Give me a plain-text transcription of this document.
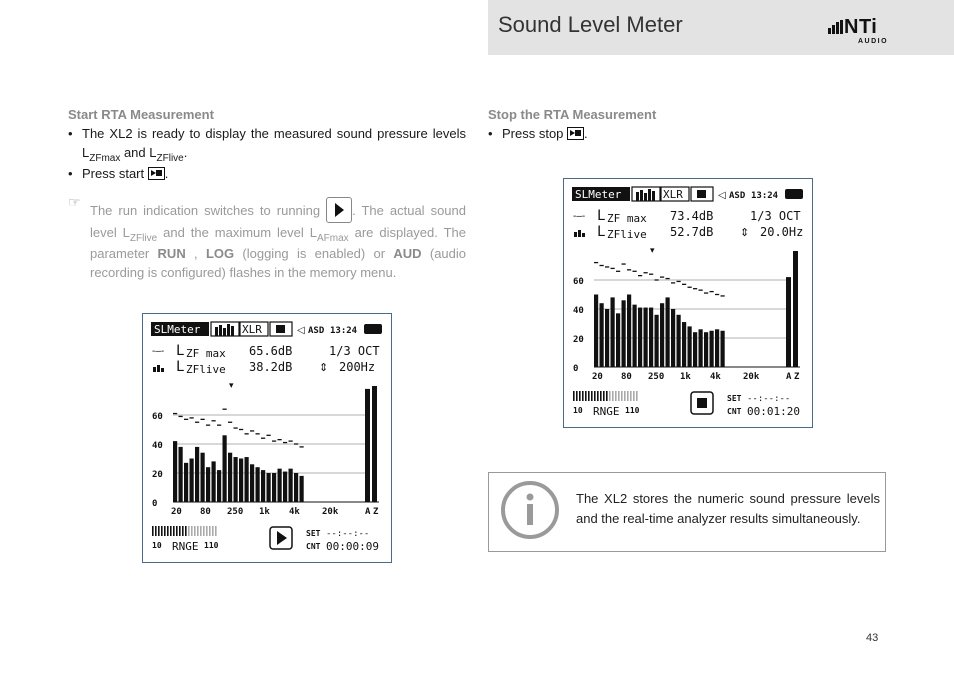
Sound Level Meter	NTi
AUDIO
Start RTA Measurement
• The XL2 is ready to display the measured sound pressure levels $L_{ZFmax}$ and $L_{ZFlive}$.
• Press start .
☞
The run indication switches to running . The actual sound level $L_{ZFlive}$ and the maximum level $L_{AFmax}$ are displayed. The parameter RUN , LOG (logging is enabled) or AUD (audio recording is configured) flashes in the memory menu.
Stop the RTA Measurement
• Press stop .
SLMeter	XLR	◁ ASD 13:24
-‒- L ZF max 65.6dB	1/3 OCT
L ZFlive 38.2dB ⇕ 200Hz
60
40
20
0
20 80 250 1k 4k 20k	A Z
▾
10 RNGE 110
SET --:--:--
CNT 00:00:09
SLMeter	XLR	◁ ASD 13:24
-‒- L ZF max 73.4dB	1/3 OCT
L ZFlive 52.7dB ⇕ 20.0Hz
60
40
20
0
20 80 250 1k 4k 20k	A Z
▾
10 RNGE 110
SET --:--:--
CNT 00:01:20
The XL2 stores the numeric sound pressure levels and the real-time analyzer results simultaneously.
43
